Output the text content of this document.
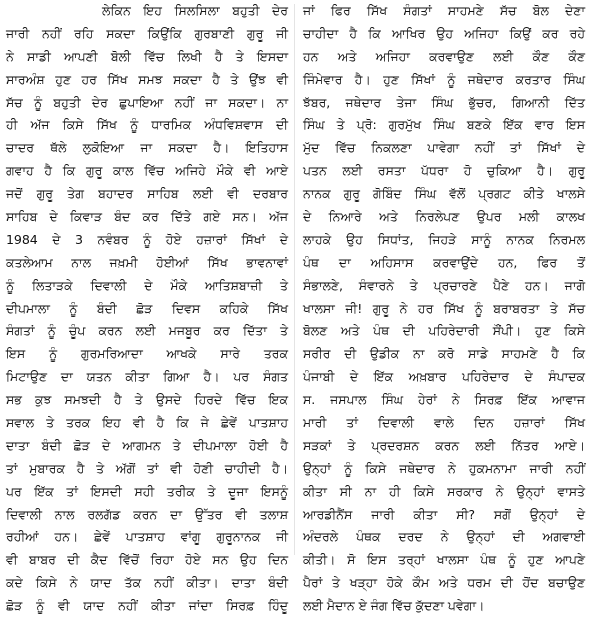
ਲੇਕਿਨ ਇਹ ਸਿਲਸਿਲਾ ਬਹੁਤੀ ਦੇਰ
ਜਾਰੀ ਨਹੀਂ ਰਹਿ ਸਕਦਾ ਕਿਉਂਕਿ ਗੁਰਬਾਣੀ ਗੁਰੂ ਜੀ
ਨੇ ਸਾਡੀ ਆਪਣੀ ਬੋਲੀ ਵਿੱਚ ਲਿਖੀ ਹੈ ਤੇ ਇਸਦਾ
ਸਾਰਅੰਸ਼ ਹੁਣ ਹਰ ਸਿੱਖ ਸਮਝ ਸਕਦਾ ਹੈ ਤੇ ਉਂਝ ਵੀ
ਸੱਚ ਨੂੰ ਬਹੁਤੀ ਦੇਰ ਛੁਪਾਇਆ ਨਹੀਂ ਜਾ ਸਕਦਾ। ਨਾ
ਹੀ ਅੱਜ ਕਿਸੇ ਸਿੱਖ ਨੂੰ ਧਾਰਮਿਕ ਅੰਧਵਿਸ਼ਵਾਸ ਦੀ
ਚਾਦਰ ਥੱਲੇ ਲੁਕੋਇਆ ਜਾ ਸਕਦਾ ਹੈ। ਇਤਿਹਾਸ
ਗਵਾਹ ਹੈ ਕਿ ਗੁਰੂ ਕਾਲ ਵਿੱਚ ਅਜਿਹੇ ਮੌਕੇ ਵੀ ਆਏ
ਜਦੋਂ ਗੁਰੂ ਤੇਗ ਬਹਾਦਰ ਸਾਹਿਬ ਲਈ ਵੀ ਦਰਬਾਰ
ਸਾਹਿਬ ਦੇ ਕਿਵਾੜ ਬੰਦ ਕਰ ਦਿੱਤੇ ਗਏ ਸਨ। ਅੱਜ
1984 ਦੇ 3 ਨਵੰਬਰ ਨੂੰ ਹੋਏ ਹਜ਼ਾਰਾਂ ਸਿੱਖਾਂ ਦੇ
ਕਤਲੇਆਮ ਨਾਲ ਜਖ਼ਮੀ ਹੋਈਆਂ ਸਿੱਖ ਭਾਵਨਾਵਾਂ
ਨੂੰ ਲਿਤਾੜਕੇ ਦਿਵਾਲੀ ਦੇ ਮੌਕੇ ਆਤਿਸ਼ਬਾਜ਼ੀ ਤੇ
ਦੀਪਮਾਲਾ ਨੂੰ ਬੰਦੀ ਛੋੜ ਦਿਵਸ ਕਹਿਕੇ ਸਿੱਖ
ਸੰਗਤਾਂ ਨੂੰ ਚੂੰਪ ਕਰਨ ਲਈ ਮਜਬੂਰ ਕਰ ਦਿੱਤਾ ਤੇ
ਇਸ ਨੂੰ ਗੁਰਮਰਿਆਦਾ ਆਖਕੇ ਸਾਰੇ ਤਰਕ
ਮਿਟਾਉਣ ਦਾ ਯਤਨ ਕੀਤਾ ਗਿਆ ਹੈ। ਪਰ ਸੰਗਤ
ਸਭ ਕੁਝ ਸਮਝਦੀ ਹੈ ਤੇ ਉਸਦੇ ਹਿਰਦੇ ਵਿੱਚ ਇਕ
ਸਵਾਲ ਤੇ ਤਰਕ ਇਹ ਵੀ ਹੈ ਕਿ ਜੇ ਛੇਵੇਂ ਪਾਤਸ਼ਾਹ
ਦਾਤਾ ਬੰਦੀ ਛੋੜ ਦੇ ਆਗਮਨ ਤੇ ਦੀਪਮਾਲਾ ਹੋਈ ਹੈ
ਤਾਂ ਮੁਬਾਰਕ ਹੈ ਤੇ ਅੱਗੋਂ ਤਾਂ ਵੀ ਹੋਣੀ ਚਾਹੀਦੀ ਹੈ।
ਪਰ ਇੱਕ ਤਾਂ ਇਸਦੀ ਸਹੀ ਤਰੀਕ ਤੇ ਦੂਜਾ ਇਸਨੂੰ
ਦਿਵਾਲੀ ਨਾਲ ਰਲਗੱਡ ਕਰਨ ਦਾ ਉੱਤਰ ਵੀ ਤਲਾਸ਼
ਰਹੀਆਂ ਹਨ। ਛੇਵੇਂ ਪਾਤਸ਼ਾਹ ਵਾਂਗੂ ਗੁਰੂਨਾਨਕ ਜੀ
ਵੀ ਬਾਬਰ ਦੀ ਕੈਦ ਵਿੱਚੋਂ ਰਿਹਾ ਹੋਏ ਸਨ ਉਹ ਦਿਨ
ਕਦੇ ਕਿਸੇ ਨੇ ਯਾਦ ਤੱਕ ਨਹੀਂ ਕੀਤਾ। ਦਾਤਾ ਬੰਦੀ
ਛੋੜ ਨੂੰ ਵੀ ਯਾਦ ਨਹੀਂ ਕੀਤਾ ਜਾਂਦਾ ਸਿਰਫ਼ ਹਿੰਦੂ
ਜਾਂ ਫਿਰ ਸਿੱਖ ਸੰਗਤਾਂ ਸਾਹਮਣੇ ਸੱਚ ਬੋਲ ਦੇਣਾ
ਚਾਹੀਦਾ ਹੈ ਕਿ ਆਖਿਰ ਉਹ ਅਜਿਹਾ ਕਿਉਂ ਕਰ ਰਹੇ
ਹਨ ਅਤੇ ਅਜਿਹਾ ਕਰਵਾਉਣ ਲਈ ਕੌਣ ਕੌਣ
ਜਿੰਮੇਵਾਰ ਹੈ। ਹੁਣ ਸਿੱਖਾਂ ਨੂੰ ਜਥੇਦਾਰ ਕਰਤਾਰ ਸਿੰਘ
ਝੱਬਰ, ਜਥੇਦਾਰ ਤੇਜਾ ਸਿੰਘ ਭੁੱਚਰ, ਗਿਆਨੀ ਦਿੱਤ
ਸਿੰਘ ਤੇ ਪ੍ਰੋ: ਗੁਰਮੁੱਖ ਸਿੰਘ ਬਣਕੇ ਇੱਕ ਵਾਰ ਇਸ
ਮੁੱਦ ਵਿੱਚ ਨਿਕਲਣਾ ਪਾਵੇਗਾ ਨਹੀਂ ਤਾਂ ਸਿੱਖਾਂ ਦੇ
ਪਤਨ ਲਈ ਰਸਤਾ ਪੱਧਰਾ ਹੋ ਚੁਕਿਆ ਹੈ। ਗੁਰੂ
ਨਾਨਕ ਗੁਰੂ ਗੋਬਿੰਦ ਸਿੰਘ ਵੱਲੋਂ ਪ੍ਰਗਟ ਕੀਤੇ ਖਾਲਸੇ
ਦੇ ਨਿਆਰੇ ਅਤੇ ਨਿਰਲੇਪਣ ਉਪਰ ਮਲੀ ਕਾਲਖ
ਲਾਹਕੇ ਉਹ ਸਿਧਾਂਤ, ਜਿਹੜੇ ਸਾਨੂੰ ਨਾਨਕ ਨਿਰਮਲ
ਪੰਥ ਦਾ ਅਹਿਸਾਸ ਕਰਵਾਉਂਦੇ ਹਨ, ਫਿਰ ਤੋਂ
ਸੰਭਾਲਣੇ, ਸੰਵਾਰਨੇ ਤੇ ਪ੍ਰਚਾਰਣੇ ਪੈਣੇ ਹਨ। ਜਾਗੋ
ਖਾਲਸਾ ਜੀ! ਗੁਰੂ ਨੇ ਹਰ ਸਿੱਖ ਨੂੰ ਬਰਾਬਰਤਾ ਤੇ ਸੱਚ
ਬੋਲਣ ਅਤੇ ਪੰਥ ਦੀ ਪਹਿਰੇਦਾਰੀ ਸੌਂਪੀ। ਹੁਣ ਕਿਸੇ
ਸਰੀਰ ਦੀ ਉਡੀਕ ਨਾ ਕਰੋ ਸਾਡੇ ਸਾਹਮਣੇ ਹੈ ਕਿ
ਪੰਜਾਬੀ ਦੇ ਇੱਕ ਅਖ਼ਬਾਰ ਪਹਿਰੇਦਾਰ ਦੇ ਸੰਪਾਦਕ
ਸ. ਜਸਪਾਲ ਸਿੰਘ ਹੇਰਾਂ ਨੇ ਸਿਰਫ਼ ਇੱਕ ਆਵਾਜ
ਮਾਰੀ ਤਾਂ ਦਿਵਾਲੀ ਵਾਲੇ ਦਿਨ ਹਜ਼ਾਰਾਂ ਸਿੱਖ
ਸੜਕਾਂ ਤੇ ਪ੍ਰਦਰਸ਼ਨ ਕਰਨ ਲਈ ਨਿੱਤਰ ਆਏ।
ਉਨ੍ਹਾਂ ਨੂੰ ਕਿਸੇ ਜਥੇਦਾਰ ਨੇ ਹੁਕਮਨਾਮਾ ਜਾਰੀ ਨਹੀਂ
ਕੀਤਾ ਸੀ ਨਾ ਹੀ ਕਿਸੇ ਸਰਕਾਰ ਨੇ ਉਨ੍ਹਾਂ ਵਾਸਤੇ
ਆਰਡੀਨੈਂਸ ਜਾਰੀ ਕੀਤਾ ਸੀ? ਸਗੋਂ ਉਨ੍ਹਾਂ ਦੇ
ਅੰਦਰਲੇ ਪੰਥਕ ਦਰਦ ਨੇ ਉਨ੍ਹਾਂ ਦੀ ਅਗਵਾਈ
ਕੀਤੀ। ਸੋ ਇਸ ਤਰ੍ਹਾਂ ਖਾਲਸਾ ਪੰਥ ਨੂੰ ਹੁਣ ਆਪਣੇ
ਪੈਰਾਂ ਤੇ ਖੜ੍ਹਾ ਹੋਕੇ ਕੌਮ ਅਤੇ ਧਰਮ ਦੀ ਹੋਂਦ ਬਚਾਉਣ
ਲਈ ਮੈਦਾਨ ਏ ਜੰਗ ਵਿੱਚ ਕੁੱਦਣਾ ਪਵੇਗਾ।
